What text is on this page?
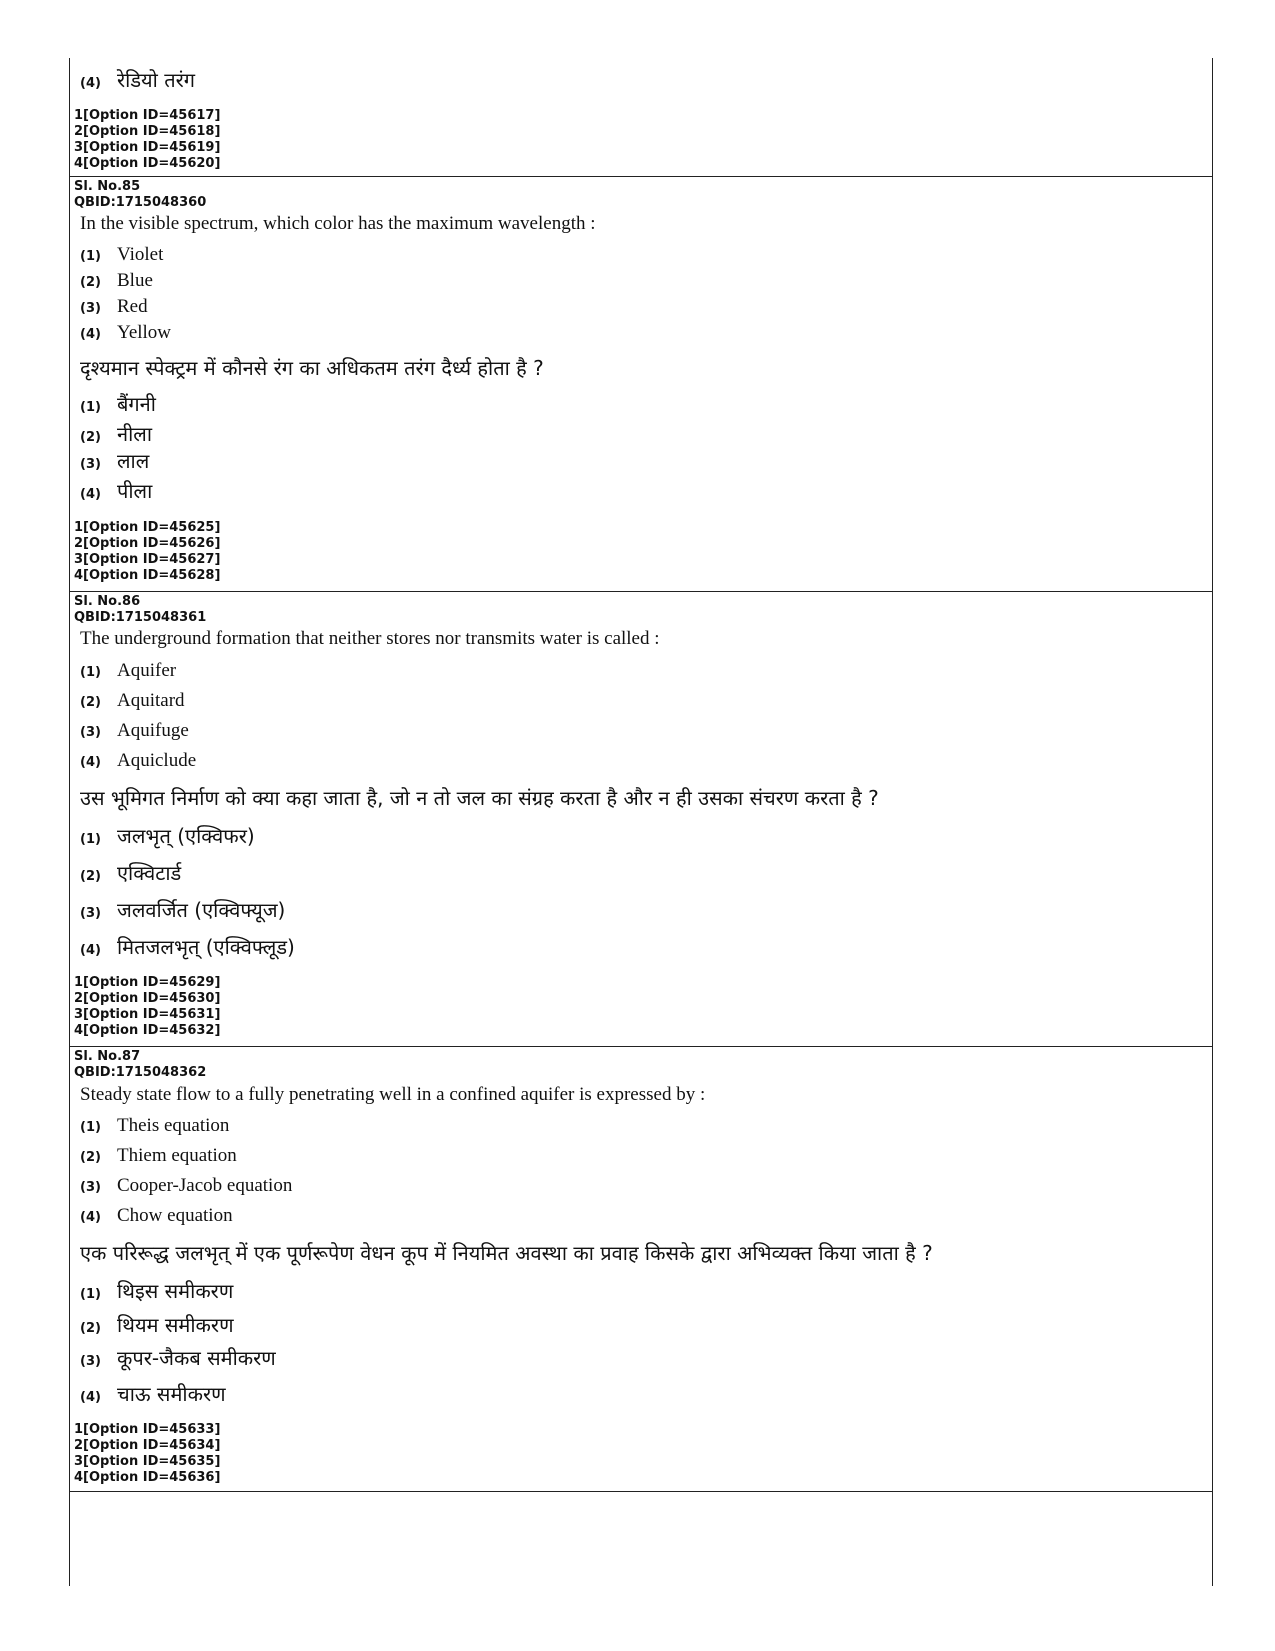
(4) रेडियो तरंग
1[Option ID=45617]
2[Option ID=45618]
3[Option ID=45619]
4[Option ID=45620]
Sl. No.85
QBID:1715048360
In the visible spectrum, which color has the maximum wavelength :
(1) Violet
(2) Blue
(3) Red
(4) Yellow
दृश्यमान स्पेक्ट्रम में कौनसे रंग का अधिकतम तरंग दैर्ध्य होता है ?
(1) बैंगनी
(2) नीला
(3) लाल
(4) पीला
1[Option ID=45625]
2[Option ID=45626]
3[Option ID=45627]
4[Option ID=45628]
Sl. No.86
QBID:1715048361
The underground formation that neither stores nor transmits water is called :
(1) Aquifer
(2) Aquitard
(3) Aquifuge
(4) Aquiclude
उस भूमिगत निर्माण को क्या कहा जाता है, जो न तो जल का संग्रह करता है और न ही उसका संचरण करता है ?
(1) जलभृत् (एक्विफर)
(2) एक्विटार्ड
(3) जलवर्जित (एक्विफ्यूज)
(4) मितजलभृत् (एक्विफ्लूड)
1[Option ID=45629]
2[Option ID=45630]
3[Option ID=45631]
4[Option ID=45632]
Sl. No.87
QBID:1715048362
Steady state flow to a fully penetrating well in a confined aquifer is expressed by :
(1) Theis equation
(2) Thiem equation
(3) Cooper-Jacob equation
(4) Chow equation
एक परिरूद्ध जलभृत् में एक पूर्णरूपेण वेधन कूप में नियमित अवस्था का प्रवाह किसके द्वारा अभिव्यक्त किया जाता है ?
(1) थिइस समीकरण
(2) थियम समीकरण
(3) कूपर-जैकब समीकरण
(4) चाऊ समीकरण
1[Option ID=45633]
2[Option ID=45634]
3[Option ID=45635]
4[Option ID=45636]
